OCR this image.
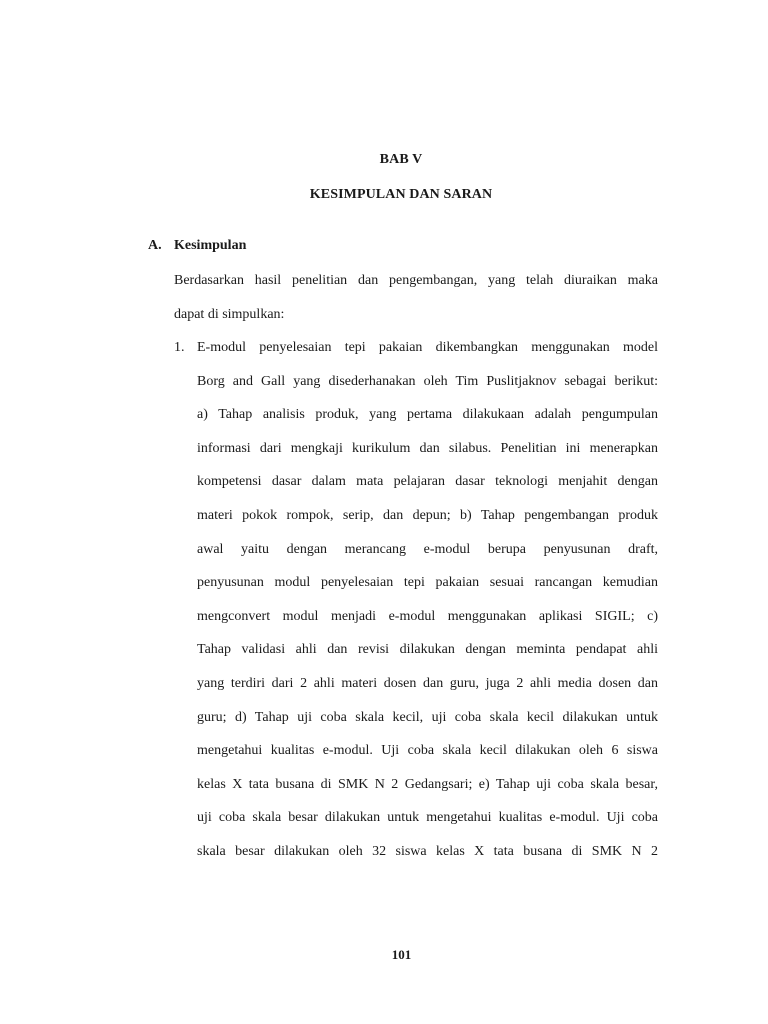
BAB V
KESIMPULAN DAN SARAN
A. Kesimpulan
Berdasarkan hasil penelitian dan pengembangan, yang telah diuraikan maka
dapat di simpulkan:
1. E-modul penyelesaian tepi pakaian dikembangkan menggunakan model
Borg and Gall yang disederhanakan oleh Tim Puslitjaknov sebagai berikut:
a) Tahap analisis produk, yang pertama dilakukaan adalah pengumpulan
informasi dari mengkaji kurikulum dan silabus. Penelitian ini menerapkan
kompetensi dasar dalam mata pelajaran dasar teknologi menjahit dengan
materi pokok rompok, serip, dan depun; b) Tahap pengembangan produk
awal yaitu dengan merancang e-modul berupa penyusunan draft,
penyusunan modul penyelesaian tepi pakaian sesuai rancangan kemudian
mengconvert modul menjadi e-modul menggunakan aplikasi SIGIL; c)
Tahap validasi ahli dan revisi dilakukan dengan meminta pendapat ahli
yang terdiri dari 2 ahli materi dosen dan guru, juga 2 ahli media dosen dan
guru; d) Tahap uji coba skala kecil, uji coba skala kecil dilakukan untuk
mengetahui kualitas e-modul. Uji coba skala kecil dilakukan oleh 6 siswa
kelas X tata busana di SMK N 2 Gedangsari; e) Tahap uji coba skala besar,
uji coba skala besar dilakukan untuk mengetahui kualitas e-modul. Uji coba
skala besar dilakukan oleh 32 siswa kelas X tata busana di SMK N 2
101
